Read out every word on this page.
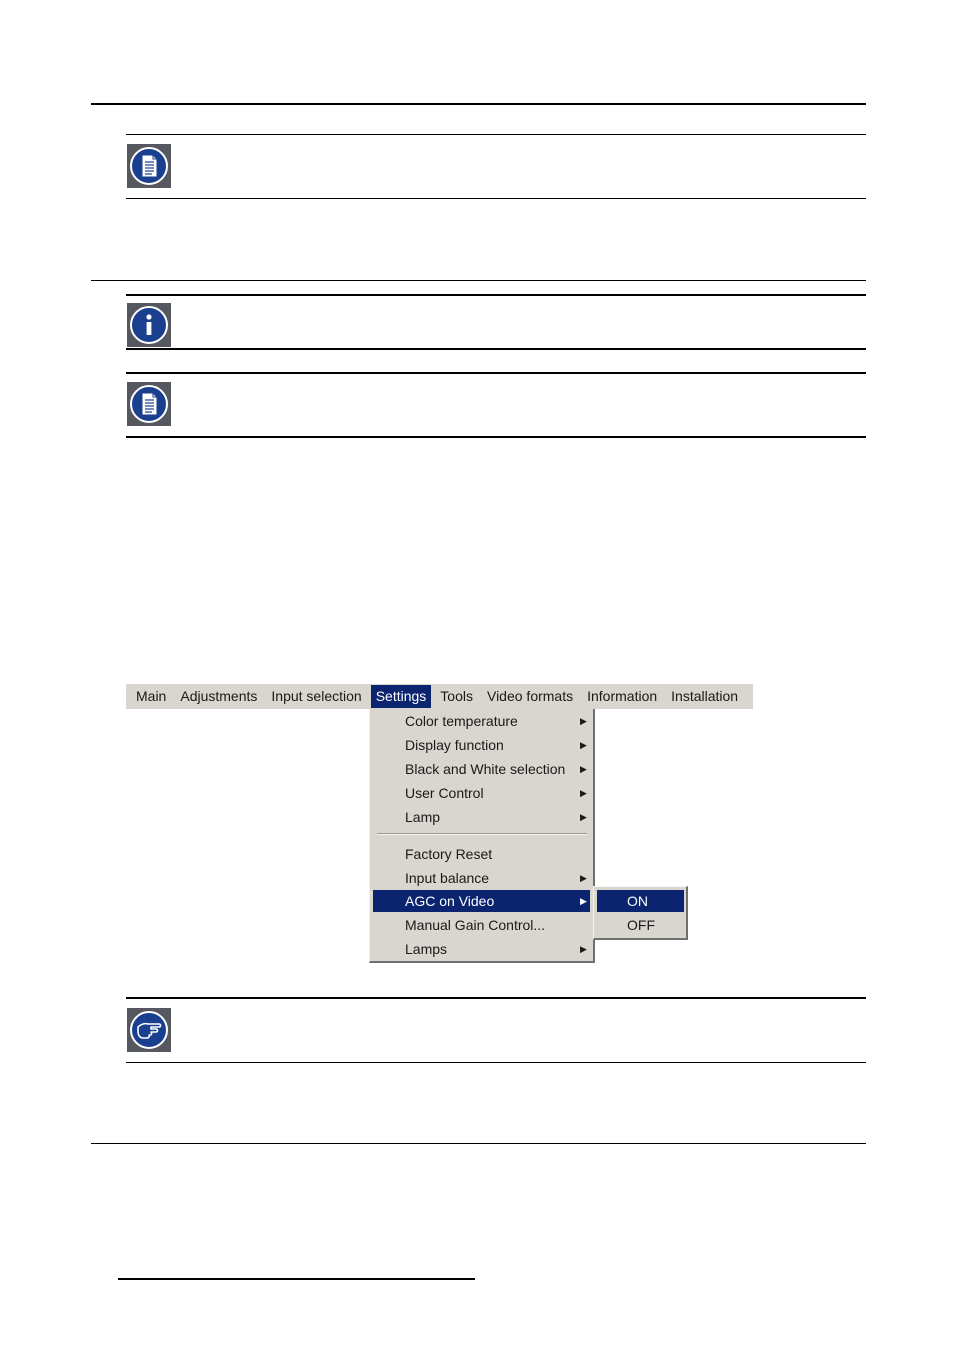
Main	Adjustments	Input selection	Settings	Tools	Video formats	Information	Installation
Color temperature	▶
Display function	▶
Black and White selection ▶
User Control	▶
Lamp	▶
Factory Reset
Input balance	▶
AGC on Video	▶
Manual Gain Control...
Lamps	▶
ON
OFF
